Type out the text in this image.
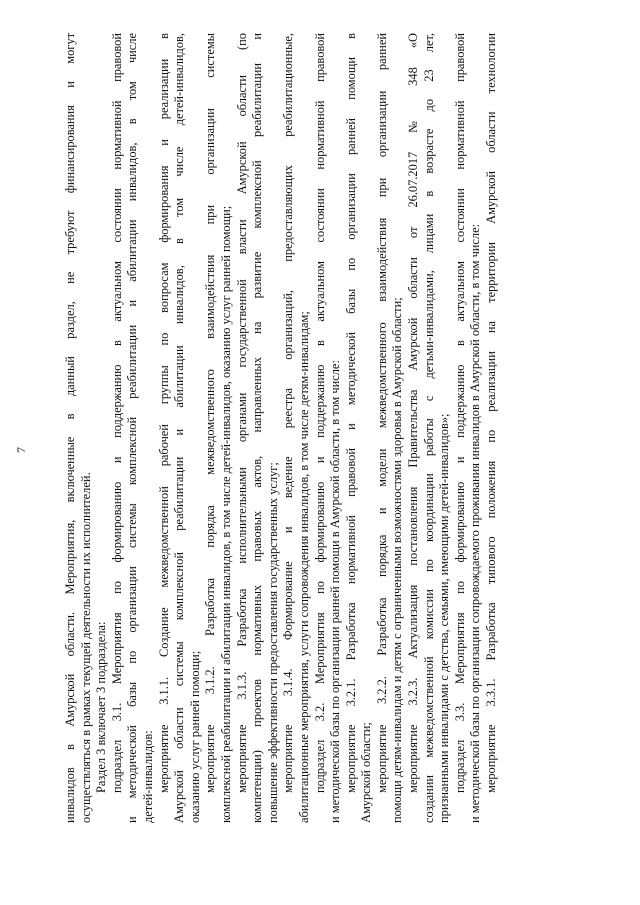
7	инвалидов в Амурской области. Мероприятия, включенные в данный раздел, не требуют финансирования и могут осуществляться в рамках текущей деятельности их исполнителей. Раздел 3 включает 3 подраздела: подраздел 3.1. Мероприятия по формированию и поддержанию в актуальном состоянии нормативной правовой и методической базы по организации системы комплексной реабилитации и абилитации инвалидов, в том числе детей-инвалидов: мероприятие 3.1.1. Создание межведомственной рабочей группы по вопросам формирования и реализации в Амурской области системы комплексной реабилитации и абилитации инвалидов, в том числе детей-инвалидов, оказанию услуг ранней помощи; мероприятие 3.1.2. Разработка порядка межведомственного взаимодействия при организации системы комплексной реабилитации и абилитации инвалидов, в том числе детей-инвалидов, оказанию услуг ранней помощи; мероприятие 3.1.3. Разработка исполнительными органами государственной власти Амурской области (по компетенции) проектов нормативных правовых актов, направленных на развитие комплексной реабилитации и повышение эффективности предоставления государственных услуг; мероприятие 3.1.4. Формирование и ведение реестра организаций, предоставляющих реабилитационные, абилитационные мероприятия, услуги сопровождения инвалидов, в том числе детям-инвалидам; подраздел 3.2. Мероприятия по формированию и поддержанию в актуальном состоянии нормативной правовой и методической базы по организации ранней помощи в Амурской области, в том числе: мероприятие 3.2.1. Разработка нормативной правовой и методической базы по организации ранней помощи в Амурской области; мероприятие 3.2.2. Разработка порядка и модели межведомственного взаимодействия при организации ранней помощи детям-инвалидам и детям с ограниченными возможностями здоровья в Амурской области; мероприятие 3.2.3. Актуализация постановления Правительства Амурской области от 26.07.2017 № 348 «О создании межведомственной комиссии по координации работы с детьми-инвалидами, лицами в возрасте до 23 лет, признанными инвалидами с детства, семьями, имеющими детей-инвалидов»; подраздел 3.3. Мероприятия по формированию и поддержанию в актуальном состоянии нормативной правовой и методической базы по организации сопровождаемого проживания инвалидов в Амурской области, в том числе: мероприятие 3.3.1. Разработка типового положения по реализации на территории Амурской области технологии
